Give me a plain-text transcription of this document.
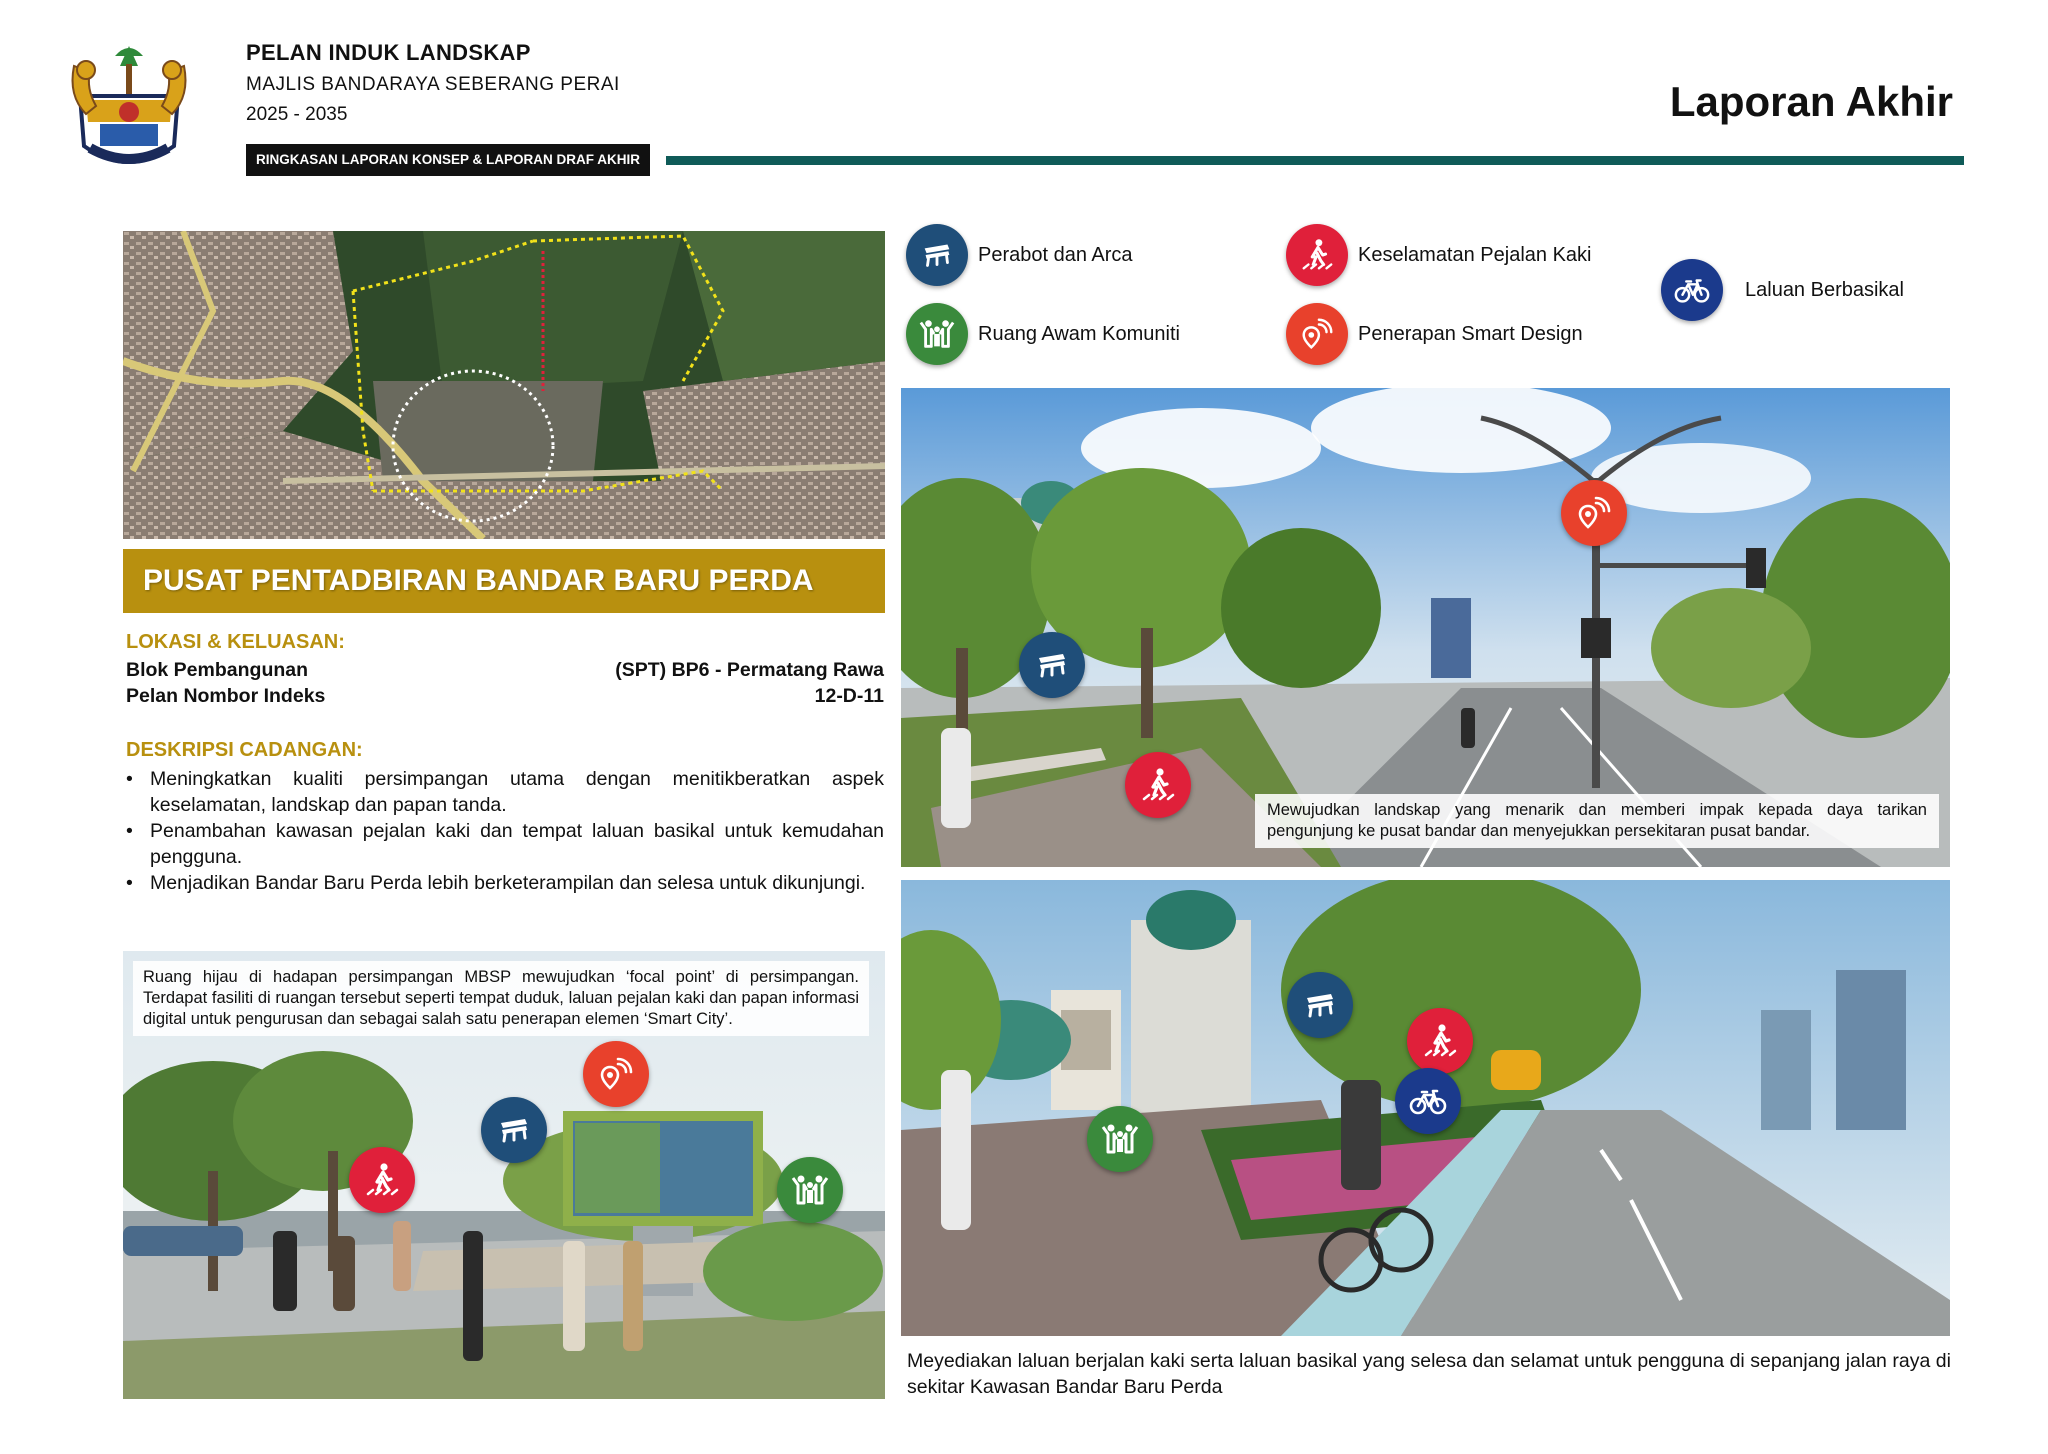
PELAN INDUK LANDSKAP
MAJLIS BANDARAYA SEBERANG PERAI
2025 - 2035
RINGKASAN LAPORAN KONSEP & LAPORAN DRAF AKHIR
Laporan Akhir
PUSAT PENTADBIRAN BANDAR BARU PERDA
LOKASI & KELUASAN:
Blok Pembangunan	(SPT) BP6 - Permatang Rawa
Pelan Nombor Indeks	12-D-11
DESKRIPSI CADANGAN:
• Meningkatkan kualiti persimpangan utama dengan menitikberatkan aspek keselamatan, landskap dan papan tanda.
• Penambahan kawasan pejalan kaki dan tempat laluan basikal untuk kemudahan pengguna.
• Menjadikan Bandar Baru Perda lebih berketerampilan dan selesa untuk dikunjungi.
Perabot dan Arca
Ruang Awam Komuniti
Keselamatan Pejalan Kaki
Penerapan Smart Design
Laluan Berbasikal
Ruang hijau di hadapan persimpangan MBSP mewujudkan ‘focal point’ di persimpangan. Terdapat fasiliti di ruangan tersebut seperti tempat duduk, laluan pejalan kaki dan papan informasi digital untuk pengurusan dan sebagai salah satu penerapan elemen ‘Smart City’.
Mewujudkan landskap yang menarik dan memberi impak kepada daya tarikan pengunjung ke pusat bandar dan menyejukkan persekitaran pusat bandar.
Meyediakan laluan berjalan kaki serta laluan basikal yang selesa dan selamat untuk pengguna di sepanjang jalan raya di sekitar Kawasan Bandar Baru Perda
